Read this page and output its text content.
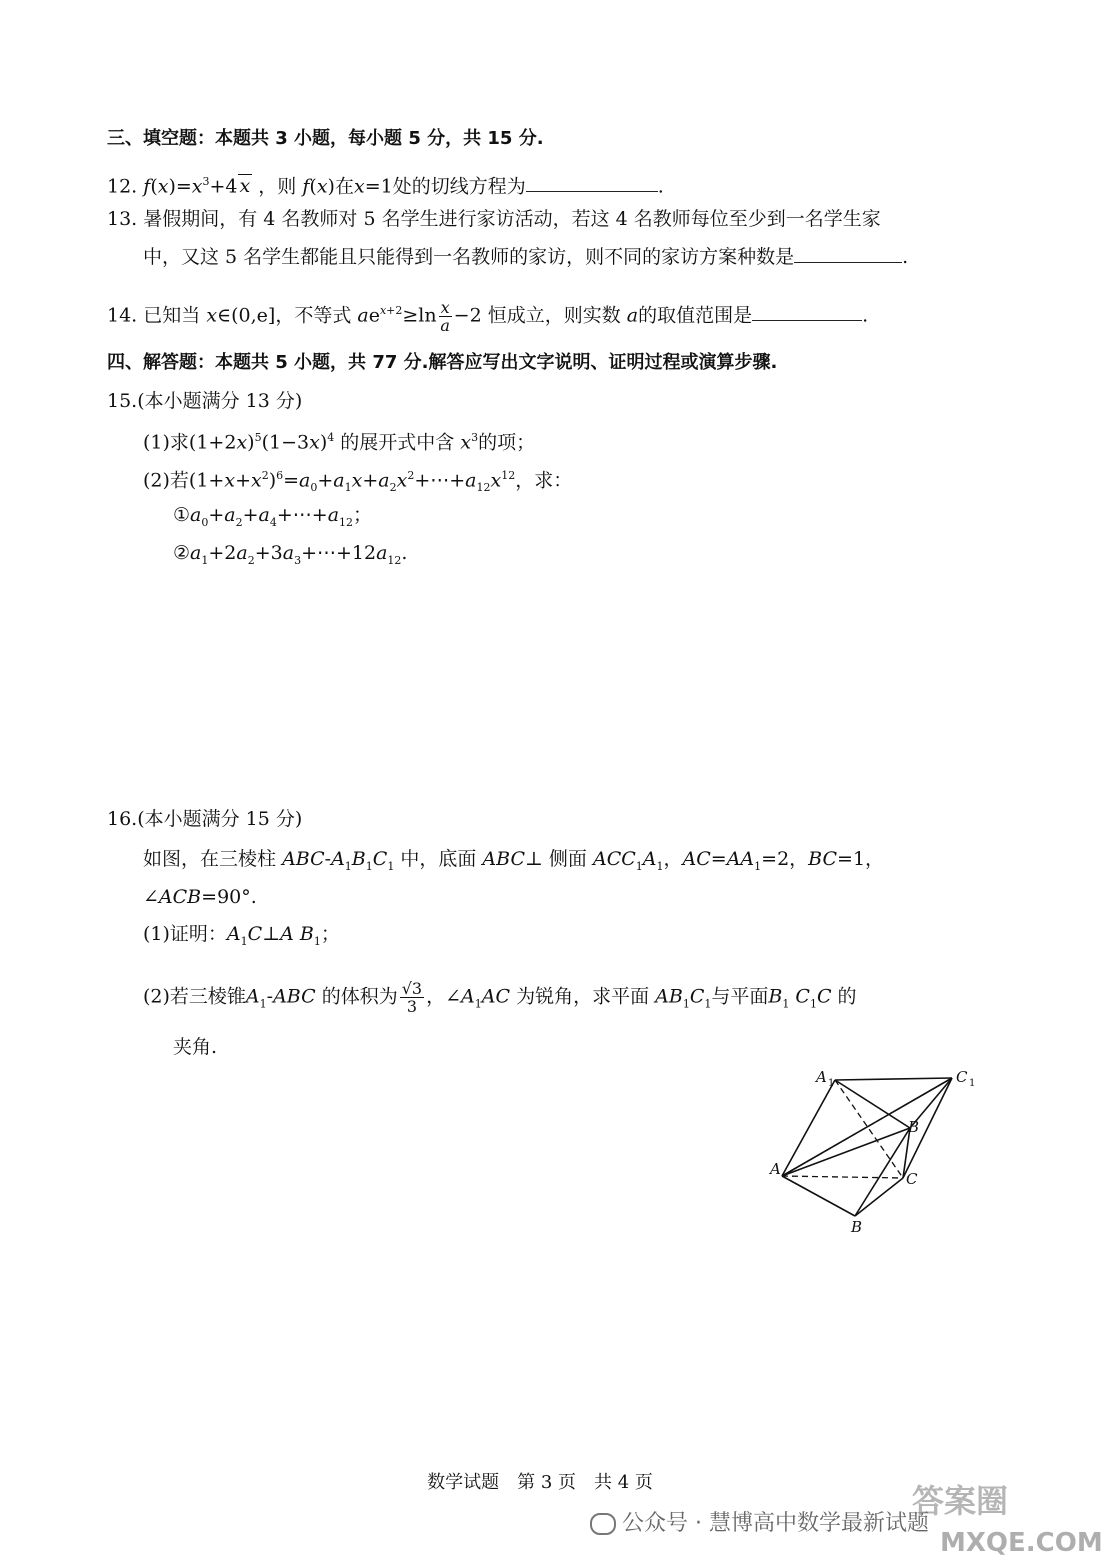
三、填空题：本题共 3 小题，每小题 5 分，共 15 分.
12. $f(x)=x^3+4$ x ，则 f(x)在x=1处的切线方程为	.
13. 暑假期间，有 4 名教师对 5 名学生进行家访活动，若这 4 名教师每位至少到一名学生家
中，又这 5 名学生都能且只能得到一名教师的家访，则不同的家访方案种数是	.
14. 已知当 x∈(0,e]，不等式 $ae^{x+2}\ge\ln \frac{x}{a} -2$ 恒成立，则实数 a的取值范围是	.
四、解答题：本题共 5 小题，共 77 分.解答应写出文字说明、证明过程或演算步骤.
15.(本小题满分 13 分)
(1)求$(1+2x)^5(1-3x)^4$ 的展开式中含 $x^3$的项；
(2)若$(1+x+x^2)^6=a_0+a_1x+a_2x^2+\cdots+a_{12}x^{12}$，求：
$①a_0+a_2+a_4+\cdots+a_{12}$；
$②a_1+2a_2+3a_3+\cdots+12a_{12}$.
16.(本小题满分 15 分)
如图，在三棱柱 ABC-$A_1B_1C_1$ 中，底面 ABC⊥ 侧面 $ACC_1A_1$，$AC=AA_1=2$，BC=1，
∠ACB=90°.
(1)证明：$A_1C\perp A$ $B_1$；
(2)若三棱锥$A_1$-ABC 的体积为 $\frac{√3}{3}$ ，$\angle A_1AC$ 为锐角，求平面 $AB_1C_1$与平面$B_1$ $C_1C$ 的
夹角.
A 1	C 1
B
A
C
B
数学试题　第 3 页　共 4 页
公众号 · 慧博高中数学最新试题
答案圈
MXQE.COM
